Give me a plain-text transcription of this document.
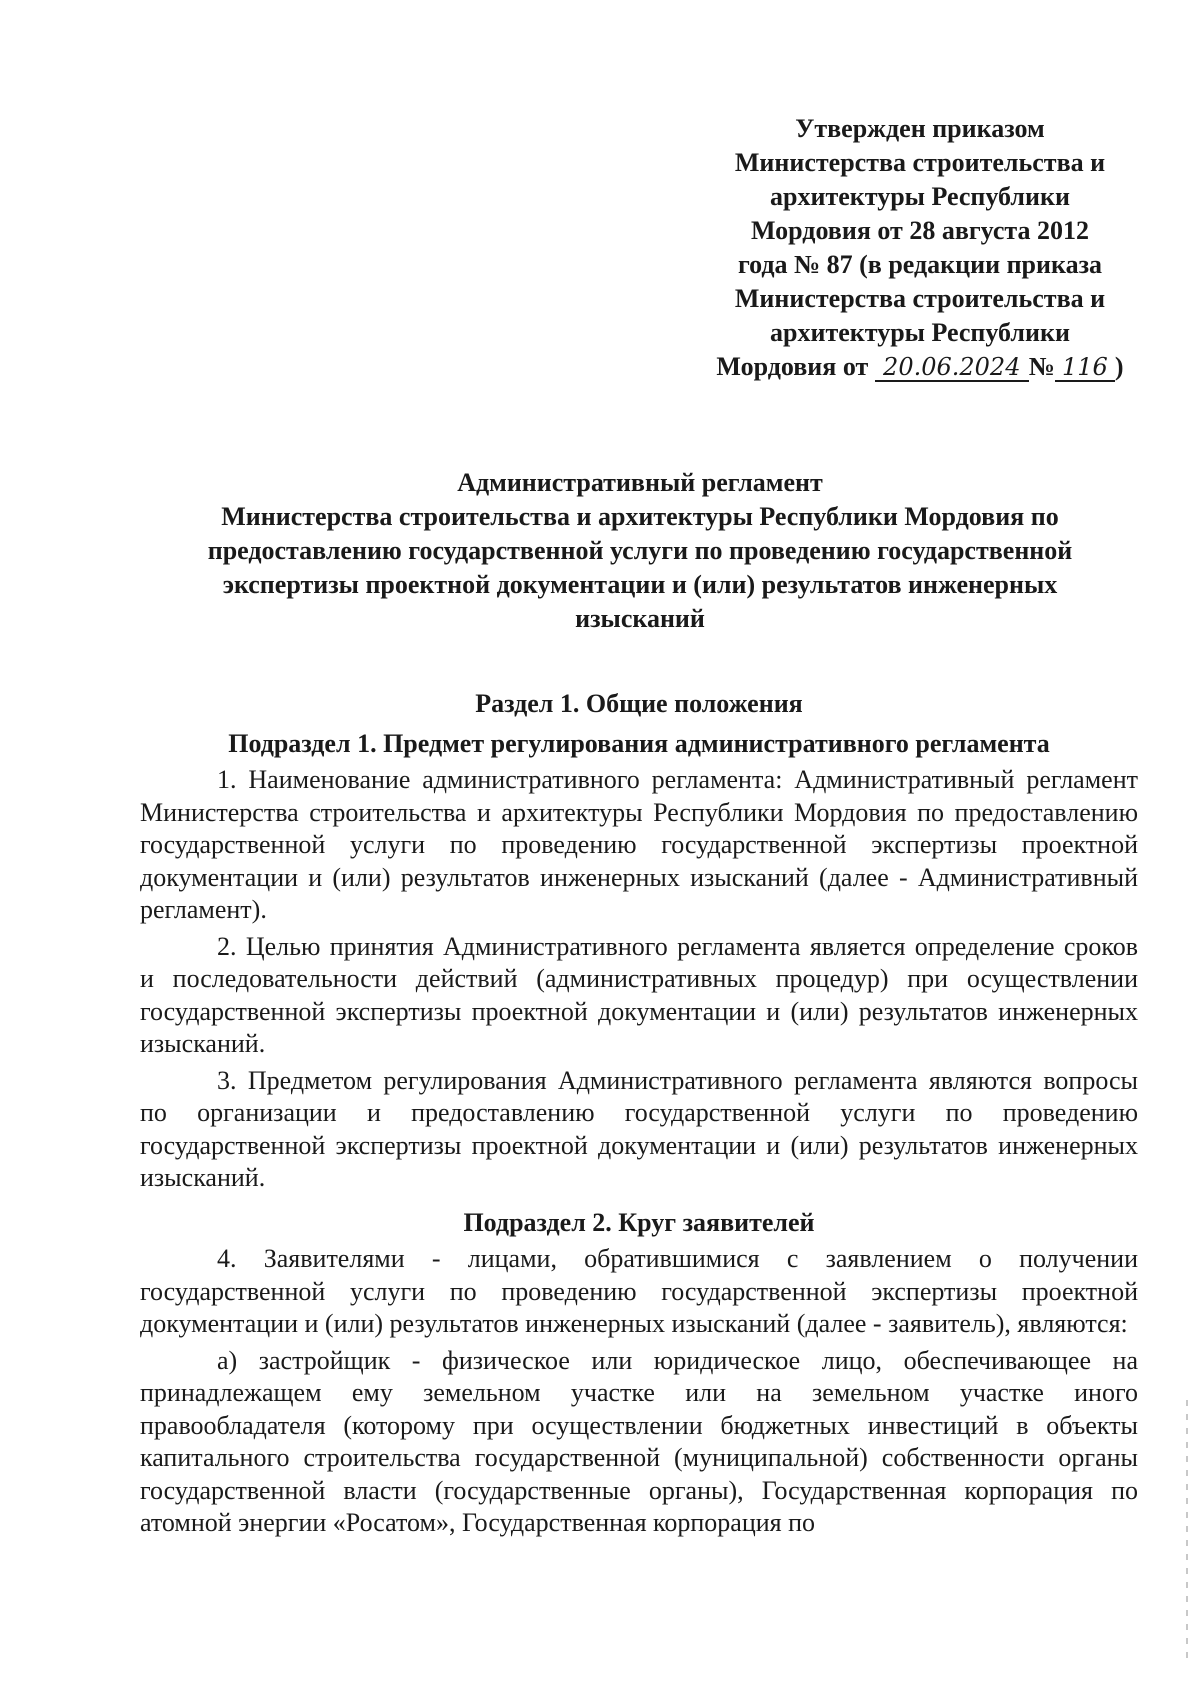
Утвержден приказом
Министерства строительства и
архитектуры Республики
Мордовия от 28 августа 2012
года № 87 (в редакции приказа
Министерства строительства и
архитектуры Республики
Мордовия от 20.06.2024 № 116 )
Административный регламент
Министерства строительства и архитектуры Республики Мордовия по
предоставлению государственной услуги по проведению государственной
экспертизы проектной документации и (или) результатов инженерных
изысканий
Раздел 1. Общие положения
Подраздел 1. Предмет регулирования административного регламента

1. Наименование административного регламента: Административный регламент Министерства строительства и архитектуры Республики Мордовия по предоставлению государственной услуги по проведению государственной экспертизы проектной документации и (или) результатов инженерных изысканий (далее - Административный регламент).

2. Целью принятия Административного регламента является определение сроков и последовательности действий (административных процедур) при осуществлении государственной экспертизы проектной документации и (или) результатов инженерных изысканий.

3. Предметом регулирования Административного регламента являются вопросы по организации и предоставлению государственной услуги по проведению государственной экспертизы проектной документации и (или) результатов инженерных изысканий.

Подраздел 2. Круг заявителей

4. Заявителями - лицами, обратившимися с заявлением о получении государственной услуги по проведению государственной экспертизы проектной документации и (или) результатов инженерных изысканий (далее - заявитель), являются:

а) застройщик - физическое или юридическое лицо, обеспечивающее на принадлежащем ему земельном участке или на земельном участке иного правообладателя (которому при осуществлении бюджетных инвестиций в объекты капитального строительства государственной (муниципальной) собственности органы государственной власти (государственные органы), Государственная корпорация по атомной энергии «Росатом», Государственная корпорация по
